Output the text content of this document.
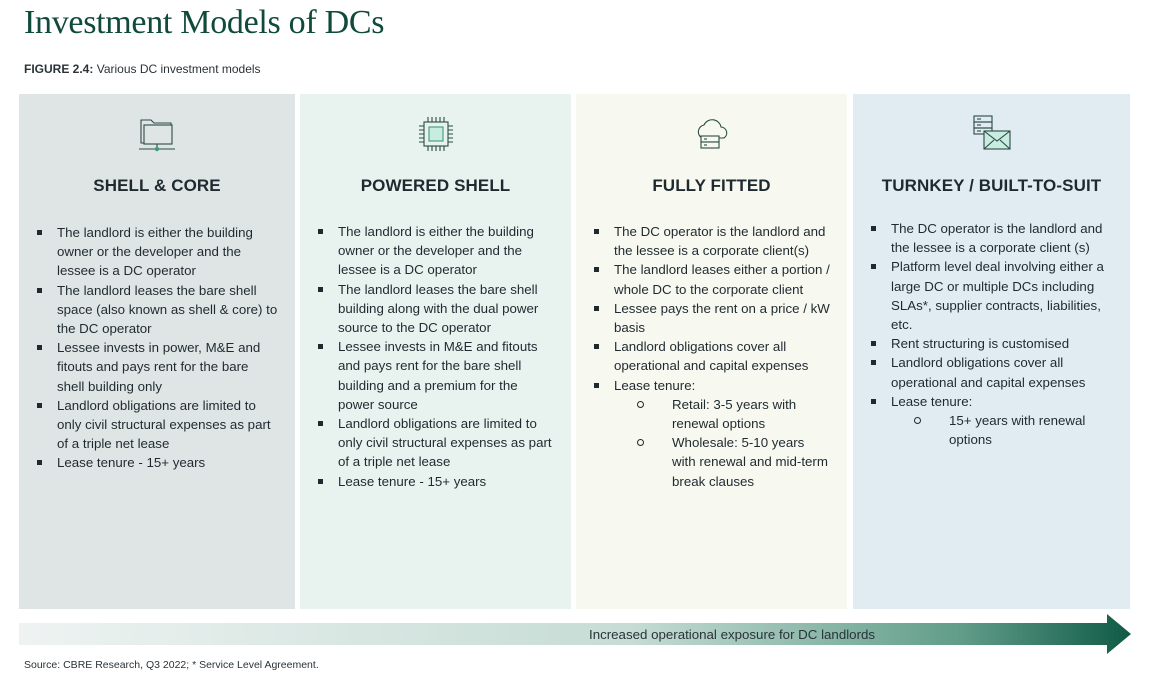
Investment Models of DCs
FIGURE 2.4: Various DC investment models
SHELL & CORE
The landlord is either the building owner or the developer and the lessee is a DC operator
The landlord leases the bare shell space (also known as shell & core) to the DC operator
Lessee invests in power, M&E and fitouts and pays rent for the bare shell building only
Landlord obligations are limited to only civil structural expenses as part of a triple net lease
Lease tenure - 15+ years
POWERED SHELL
The landlord is either the building owner or the developer and the lessee is a DC operator
The landlord leases the bare shell building along with the dual power source to the DC operator
Lessee invests in M&E and fitouts and pays rent for the bare shell building and a premium for the power source
Landlord obligations are limited to only civil structural expenses as part of a triple net lease
Lease tenure - 15+ years
FULLY FITTED
The DC operator is the landlord and the lessee is a corporate client(s)
The landlord leases either a portion / whole DC to the corporate client
Lessee pays the rent on a price / kW basis
Landlord obligations cover all operational and capital expenses
Lease tenure:
Retail: 3-5 years with renewal options
Wholesale: 5-10 years with renewal and mid-term break clauses
TURNKEY / BUILT-TO-SUIT
The DC operator is the landlord and the lessee is a corporate client (s)
Platform level deal involving either a large DC or multiple DCs including SLAs*, supplier contracts, liabilities, etc.
Rent structuring is customised
Landlord obligations cover all operational and capital expenses
Lease tenure:
15+ years with renewal options
Increased operational exposure for DC landlords
Source: CBRE Research, Q3 2022; * Service Level Agreement.
